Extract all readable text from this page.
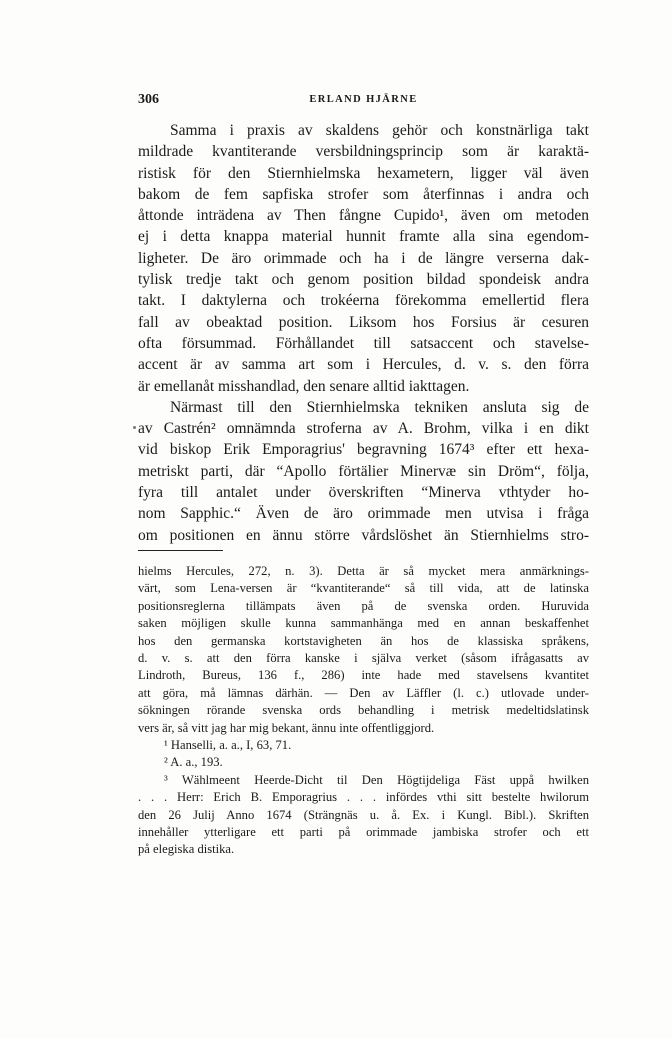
306	ERLAND HJÄRNE
Samma i praxis av skaldens gehör och konstnärliga takt
mildrade kvantiterande versbildningsprincip som är karaktä-
ristisk för den Stiernhielmska hexametern, ligger väl även
bakom de fem sapfiska strofer som återfinnas i andra och
åttonde inträdena av Then fångne Cupido¹, även om metoden
ej i detta knappa material hunnit framte alla sina egendom-
ligheter. De äro orimmade och ha i de längre verserna dak-
tylisk tredje takt och genom position bildad spondeisk andra
takt. I daktylerna och trokéerna förekomma emellertid flera
fall av obeaktad position. Liksom hos Forsius är cesuren
ofta försummad. Förhållandet till satsaccent och stavelse-
accent är av samma art som i Hercules, d. v. s. den förra
är emellanåt misshandlad, den senare alltid iakttagen.
Närmast till den Stiernhielmska tekniken ansluta sig de
av Castrén² omnämnda stroferna av A. Brohm, vilka i en dikt
vid biskop Erik Emporagrius' begravning 1674³ efter ett hexa-
metriskt parti, där “Apollo förtälier Minervæ sin Dröm“, följa,
fyra till antalet under överskriften “Minerva vthtyder ho-
nom Sapphic.“ Även de äro orimmade men utvisa i fråga
om positionen en ännu större vårdslöshet än Stiernhielms stro-
hielms Hercules, 272, n. 3). Detta är så mycket mera anmärknings-
värt, som Lena-versen är “kvantiterande“ så till vida, att de latinska
positionsreglerna tillämpats även på de svenska orden. Huruvida
saken möjligen skulle kunna sammanhänga med en annan beskaffenhet
hos den germanska kortstavigheten än hos de klassiska språkens,
d. v. s. att den förra kanske i själva verket (såsom ifrågasatts av
Lindroth, Bureus, 136 f., 286) inte hade med stavelsens kvantitet
att göra, må lämnas därhän. — Den av Läffler (l. c.) utlovade under-
sökningen rörande svenska ords behandling i metrisk medeltidslatinsk
vers är, så vitt jag har mig bekant, ännu inte offentliggjord.
¹ Hanselli, a. a., I, 63, 71.
² A. a., 193.
³ Wählmeent Heerde-Dicht til Den Högtijdeliga Fäst uppå hwilken
. . . Herr: Erich B. Emporagrius . . . infördes vthi sitt bestelte hwilorum
den 26 Julij Anno 1674 (Strängnäs u. å. Ex. i Kungl. Bibl.). Skriften
innehåller ytterligare ett parti på orimmade jambiska strofer och ett
på elegiska distika.
